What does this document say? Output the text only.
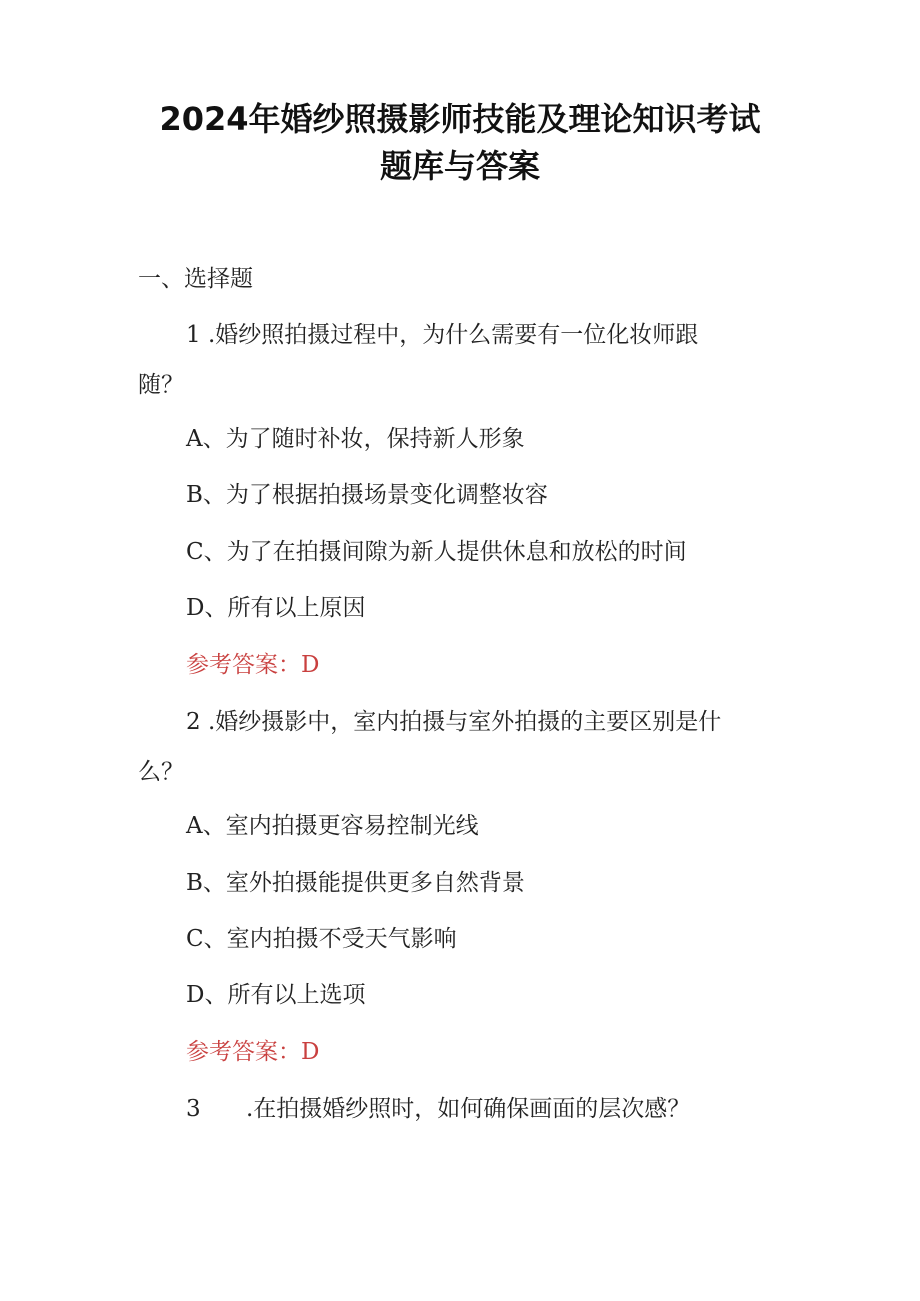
2024年婚纱照摄影师技能及理论知识考试
题库与答案

一、选择题

1 .婚纱照拍摄过程中，为什么需要有一位化妆师跟

随？

A、为了随时补妆，保持新人形象

B、为了根据拍摄场景变化调整妆容

C、为了在拍摄间隙为新人提供休息和放松的时间

D、所有以上原因

参考答案：D

2 .婚纱摄影中，室内拍摄与室外拍摄的主要区别是什

么？

A、室内拍摄更容易控制光线

B、室外拍摄能提供更多自然背景

C、室内拍摄不受天气影响

D、所有以上选项

参考答案：D

3 .在拍摄婚纱照时，如何确保画面的层次感？
